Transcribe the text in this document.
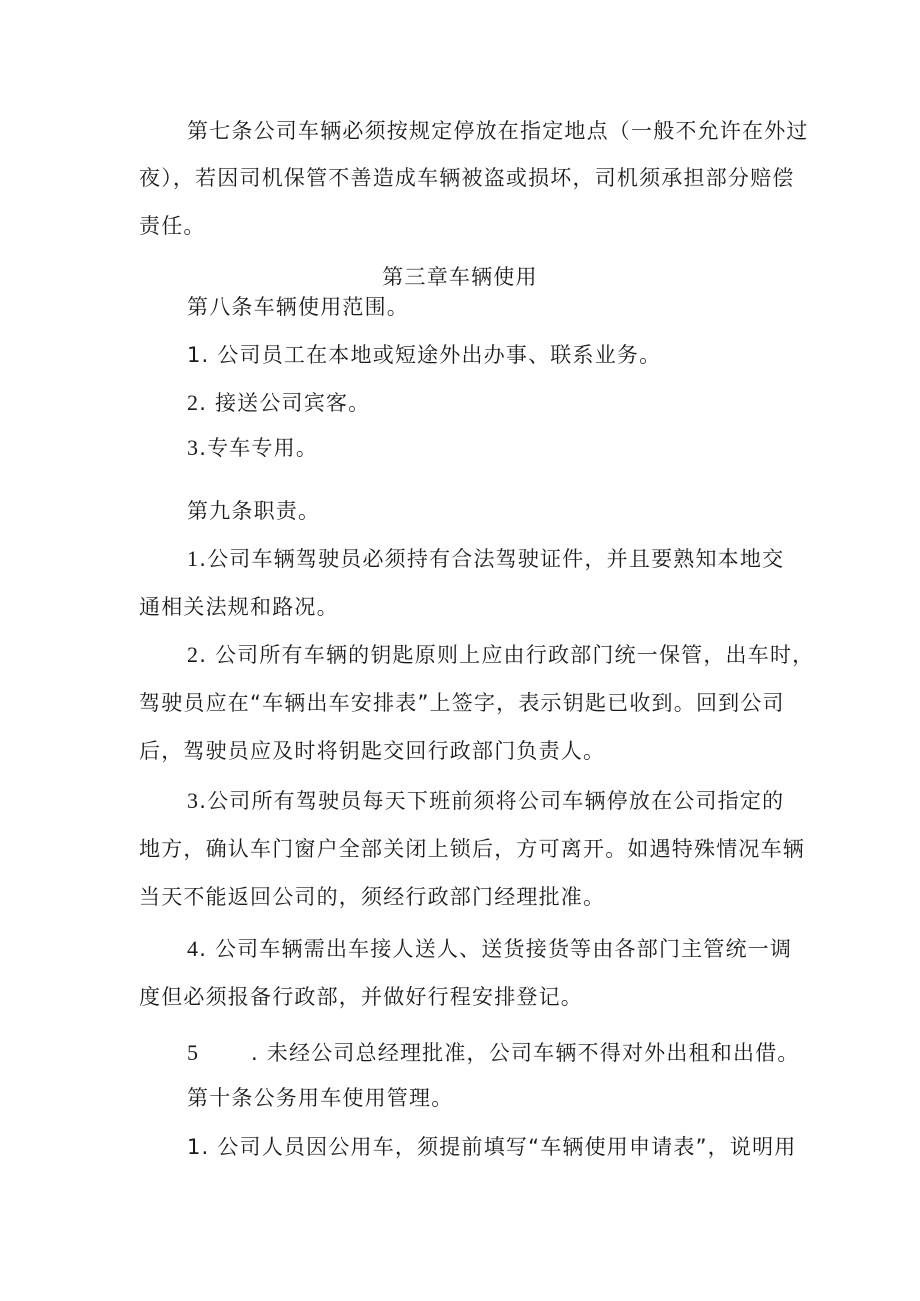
第七条公司车辆必须按规定停放在指定地点（一般不允许在外过
夜），若因司机保管不善造成车辆被盗或损坏，司机须承担部分赔偿
责任。
第三章车辆使用
第八条车辆使用范围。
1. 公司员工在本地或短途外出办事、联系业务。
2. 接送公司宾客。
3.专车专用。
第九条职责。
1.公司车辆驾驶员必须持有合法驾驶证件，并且要熟知本地交
通相关法规和路况。
2. 公司所有车辆的钥匙原则上应由行政部门统一保管，出车时，
驾驶员应在“车辆出车安排表”上签字，表示钥匙已收到。回到公司
后，驾驶员应及时将钥匙交回行政部门负责人。
3.公司所有驾驶员每天下班前须将公司车辆停放在公司指定的
地方，确认车门窗户全部关闭上锁后，方可离开。如遇特殊情况车辆
当天不能返回公司的，须经行政部门经理批准。
4. 公司车辆需出车接人送人、送货接货等由各部门主管统一调
度但必须报备行政部，并做好行程安排登记。
5 . 未经公司总经理批准，公司车辆不得对外出租和出借。
第十条公务用车使用管理。
1. 公司人员因公用车，须提前填写“车辆使用申请表”，说明用
